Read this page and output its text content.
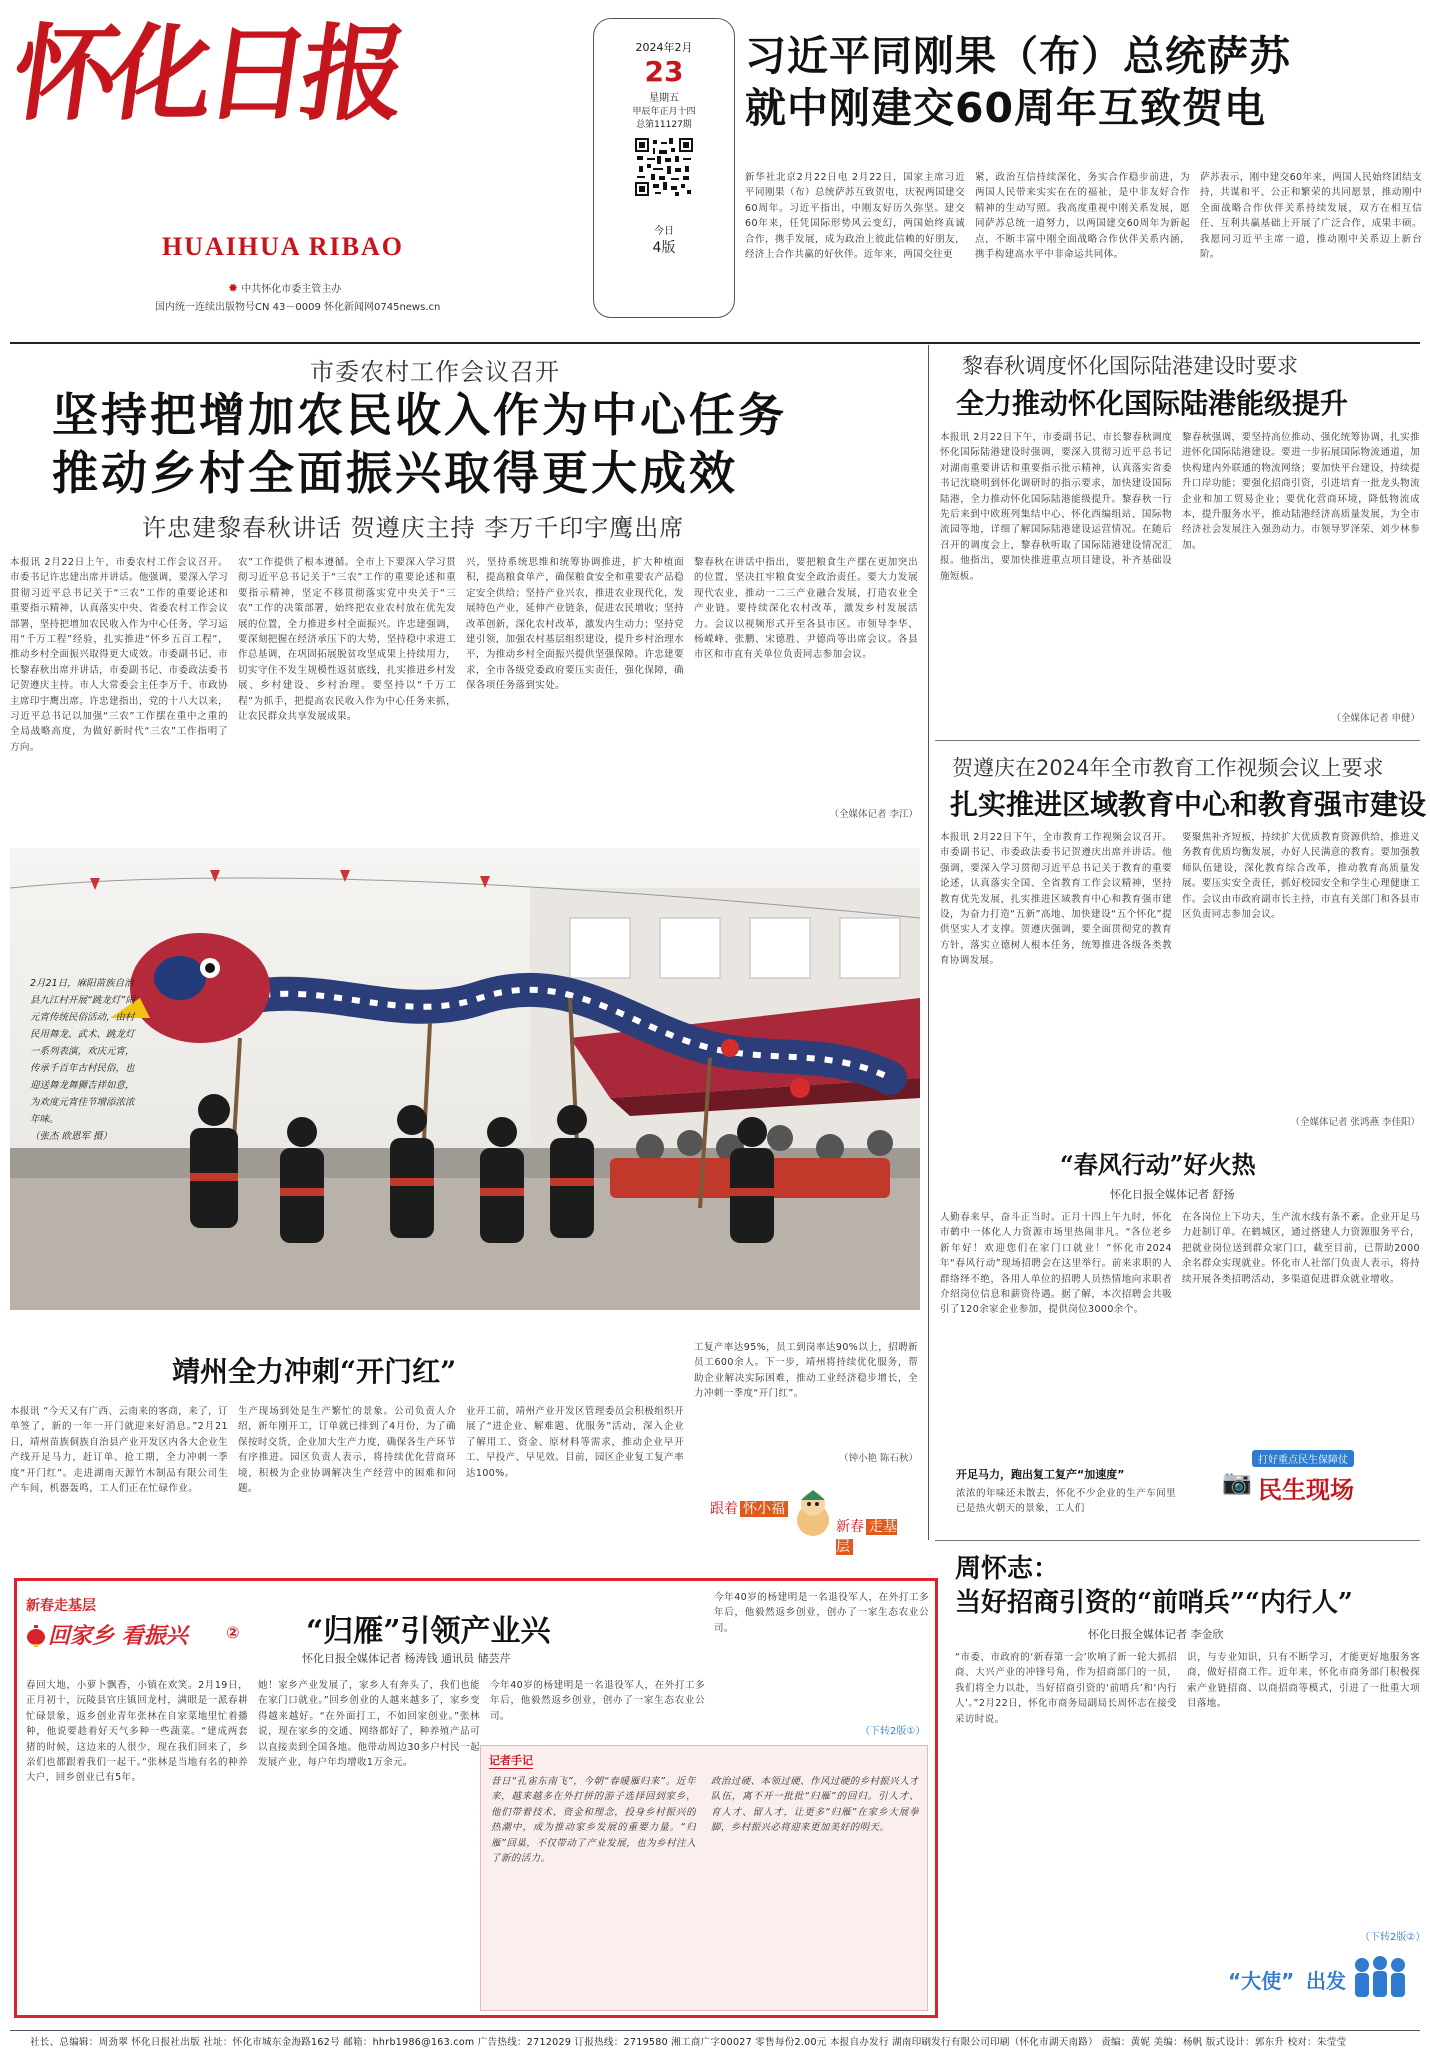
怀化日报
HUAIHUA RIBAO
✹ 中共怀化市委主管主办
国内统一连续出版物号CN 43－0009 怀化新闻网0745news.cn
2024年2月
23
星期五
甲辰年正月十四
总第11127期
今日
4版
习近平同刚果（布）总统萨苏
就中刚建交60周年互致贺电
新华社北京2月22日电 2月22日，国家主席习近平同刚果（布）总统萨苏互致贺电，庆祝两国建交60周年。习近平指出，中刚友好历久弥坚。建交60年来，任凭国际形势风云变幻，两国始终真诚合作，携手发展，成为政治上彼此信赖的好朋友，经济上合作共赢的好伙伴。近年来，两国交往更
紧，政治互信持续深化，务实合作稳步前进，为两国人民带来实实在在的福祉，是中非友好合作精神的生动写照。我高度重视中刚关系发展，愿同萨苏总统一道努力，以两国建交60周年为新起点，不断丰富中刚全面战略合作伙伴关系内涵，携手构建高水平中非命运共同体。
萨苏表示，刚中建交60年来，两国人民始终团结支持，共谋和平、公正和繁荣的共同愿景，推动刚中全面战略合作伙伴关系持续发展，双方在相互信任、互利共赢基础上开展了广泛合作，成果丰硕。我愿同习近平主席一道，推动刚中关系迈上新台阶。
市委农村工作会议召开
坚持把增加农民收入作为中心任务
推动乡村全面振兴取得更大成效
许忠建黎春秋讲话 贺遵庆主持 李万千印宇鹰出席
本报讯 2月22日上午，市委农村工作会议召开。市委书记许忠建出席并讲话。他强调，要深入学习贯彻习近平总书记关于“三农”工作的重要论述和重要指示精神，认真落实中央、省委农村工作会议部署，坚持把增加农民收入作为中心任务，学习运用“千万工程”经验，扎实推进“怀乡五百工程”，推动乡村全面振兴取得更大成效。市委副书记、市长黎春秋出席并讲话，市委副书记、市委政法委书记贺遵庆主持。市人大常委会主任李万千、市政协主席印宇鹰出席。许忠建指出，党的十八大以来，习近平总书记以加强“三农”工作摆在重中之重的全局战略高度，为做好新时代“三农”工作指明了方向。
农”工作提供了根本遵循。全市上下要深入学习贯彻习近平总书记关于“三农”工作的重要论述和重要指示精神，坚定不移贯彻落实党中央关于“三农”工作的决策部署，始终把农业农村放在优先发展的位置，全力推进乡村全面振兴。许忠建强调，要深刻把握在经济承压下的大势，坚持稳中求进工作总基调，在巩固拓展脱贫攻坚成果上持续用力，切实守住不发生规模性返贫底线，扎实推进乡村发展、乡村建设、乡村治理。要坚持以“千万工程”为抓手，把提高农民收入作为中心任务来抓，让农民群众共享发展成果。
兴，坚持系统思维和统筹协调推进，扩大种植面积，提高粮食单产，确保粮食安全和重要农产品稳定安全供给；坚持产业兴农，推进农业现代化，发展特色产业，延伸产业链条，促进农民增收；坚持改革创新，深化农村改革，激发内生动力；坚持党建引领，加强农村基层组织建设，提升乡村治理水平，为推动乡村全面振兴提供坚强保障。许忠建要求，全市各级党委政府要压实责任，强化保障，确保各项任务落到实处。
黎春秋在讲话中指出，要把粮食生产摆在更加突出的位置，坚决扛牢粮食安全政治责任。要大力发展现代农业，推动一二三产业融合发展，打造农业全产业链。要持续深化农村改革，激发乡村发展活力。会议以视频形式开至各县市区。市领导李华、杨嵘峰、张鹏、宋德胜、尹德尚等出席会议。各县市区和市直有关单位负责同志参加会议。
（全媒体记者 李江）
黎春秋调度怀化国际陆港建设时要求
全力推动怀化国际陆港能级提升
本报讯 2月22日下午，市委副书记、市长黎春秋调度怀化国际陆港建设时强调，要深入贯彻习近平总书记对湖南重要讲话和重要指示批示精神，认真落实省委书记沈晓明到怀化调研时的指示要求，加快建设国际陆港，全力推动怀化国际陆港能级提升。黎春秋一行先后来到中欧班列集结中心、怀化西编组站、国际物流园等地，详细了解国际陆港建设运营情况。在随后召开的调度会上，黎春秋听取了国际陆港建设情况汇报。他指出，要加快推进重点项目建设，补齐基础设施短板。
黎春秋强调，要坚持高位推动、强化统筹协调，扎实推进怀化国际陆港建设。要进一步拓展国际物流通道，加快构建内外联通的物流网络；要加快平台建设，持续提升口岸功能；要强化招商引资，引进培育一批龙头物流企业和加工贸易企业；要优化营商环境，降低物流成本，提升服务水平，推动陆港经济高质量发展，为全市经济社会发展注入强劲动力。市领导罗泽荣、刘少林参加。
（全媒体记者 申健）
贺遵庆在2024年全市教育工作视频会议上要求
扎实推进区域教育中心和教育强市建设
本报讯 2月22日下午，全市教育工作视频会议召开。市委副书记、市委政法委书记贺遵庆出席并讲话。他强调，要深入学习贯彻习近平总书记关于教育的重要论述，认真落实全国、全省教育工作会议精神，坚持教育优先发展，扎实推进区域教育中心和教育强市建设，为奋力打造“五新”高地、加快建设“五个怀化”提供坚实人才支撑。贺遵庆强调，要全面贯彻党的教育方针，落实立德树人根本任务，统筹推进各级各类教育协调发展。
要聚焦补齐短板，持续扩大优质教育资源供给，推进义务教育优质均衡发展，办好人民满意的教育。要加强教师队伍建设，深化教育综合改革，推动教育高质量发展。要压实安全责任，抓好校园安全和学生心理健康工作。会议由市政府副市长主持，市直有关部门和各县市区负责同志参加会议。
（全媒体记者 张鸿燕 李佳阳）
2月21日，麻阳苗族自治县九江村开展“跳龙灯”闹元宵传统民俗活动，由村民用舞龙、武术、跳龙灯一系列表演，欢庆元宵，传承千百年古村民俗，也迎送舞龙舞狮吉祥如意，为欢度元宵佳节增添浓浓年味。
（张杰 欧恩军 摄）
“春风行动”好火热
怀化日报全媒体记者 舒扬
人勤春来早，奋斗正当时。正月十四上午九时，怀化市鹤中一体化人力资源市场里热闹非凡。“各位老乡新年好！欢迎您们在家门口就业！”怀化市2024年“春风行动”现场招聘会在这里举行。前来求职的人群络绎不绝，各用人单位的招聘人员热情地向求职者介绍岗位信息和薪资待遇。据了解，本次招聘会共吸引了120余家企业参加，提供岗位3000余个。
在各岗位上下功夫，生产流水线有条不紊。企业开足马力赶制订单。在鹤城区，通过搭建人力资源服务平台，把就业岗位送到群众家门口，截至目前，已帮助2000余名群众实现就业。怀化市人社部门负责人表示，将持续开展各类招聘活动，多渠道促进群众就业增收。
开足马力，跑出复工复产“加速度”
浓浓的年味还未散去，怀化不少企业的生产车间里已是热火朝天的景象，工人们
打好重点民生保障仗
📷 民生现场
靖州全力冲刺“开门红”
本报讯 “今天又有广西、云南来的客商，来了，订单签了，新的一年一开门就迎来好消息。”2月21日，靖州苗族侗族自治县产业开发区内各大企业生产线开足马力，赶订单、抢工期，全力冲刺一季度“开门红”。走进湖南天源竹木制品有限公司生产车间，机器轰鸣，工人们正在忙碌作业。
生产现场到处是生产繁忙的景象。公司负责人介绍，新年刚开工，订单就已排到了4月份，为了确保按时交货，企业加大生产力度，确保各生产环节有序推进。园区负责人表示，将持续优化营商环境，积极为企业协调解决生产经营中的困难和问题。
业开工前，靖州产业开发区管理委员会积极组织开展了“进企业、解难题、优服务”活动，深入企业了解用工、资金、原材料等需求，推动企业早开工、早投产、早见效。目前，园区企业复工复产率达100%。
工复产率达95%，员工到岗率达90%以上，招聘新员工600余人。下一步，靖州将持续优化服务，帮助企业解决实际困难，推动工业经济稳步增长，全力冲刺一季度“开门红”。
（钟小艳 陈石秋）
跟着 怀小福
新春 走基层
周怀志：
当好招商引资的“前哨兵”“内行人”
怀化日报全媒体记者 李金欣
“市委、市政府的‘新春第一会’吹响了新一轮大抓招商、大兴产业的冲锋号角，作为招商部门的一员，我们将全力以赴，当好招商引资的‘前哨兵’和‘内行人’。”2月22日，怀化市商务局副局长周怀志在接受采访时说。
识，与专业知识，只有不断学习，才能更好地服务客商，做好招商工作。近年来，怀化市商务部门积极探索产业链招商、以商招商等模式，引进了一批重大项目落地。
（下转2版②）
“大使” 出发
新春走基层
回家乡 看振兴 ② “归雁”引领产业兴
怀化日报全媒体记者 杨涛钱 通讯员 储芸芹
春回大地，小萝卜飘香，小镇在欢笑。2月19日，正月初十，沅陵县官庄镇回龙村，满眼是一派春耕忙碌景象，返乡创业青年张林在自家菜地里忙着播种，他说要趁着好天气多种一些蔬菜。“建成两套猪的时候，这边来的人很少，现在我们回来了，乡亲们也都跟着我们一起干。”张林是当地有名的种养大户，回乡创业已有5年。
她！家乡产业发展了，家乡人有奔头了，我们也能在家门口就业。”回乡创业的人越来越多了，家乡变得越来越好。“在外面打工，不如回家创业。”张林说，现在家乡的交通、网络都好了，种养殖产品可以直接卖到全国各地。他带动周边30多户村民一起发展产业，每户年均增收1万余元。
今年40岁的杨建明是一名退役军人，在外打工多年后，他毅然返乡创业，创办了一家生态农业公司。
今年40岁的杨建明是一名退役军人，在外打工多年后，他毅然返乡创业，创办了一家生态农业公司。
（下转2版①）
记者手记
昔日“孔雀东南飞”，今朝“春暖雁归来”。近年来，越来越多在外打拼的游子选择回到家乡，他们带着技术、资金和理念，投身乡村振兴的热潮中，成为推动家乡发展的重要力量。“归雁”回巢，不仅带动了产业发展，也为乡村注入了新的活力。
政治过硬、本领过硬、作风过硬的乡村振兴人才队伍，离不开一批批“归雁”的回归。引人才、育人才、留人才，让更多“归雁”在家乡大展拳脚，乡村振兴必将迎来更加美好的明天。
社长、总编辑：周劲翠 怀化日报社出版 社址：怀化市城东金海路162号 邮箱：hhrb1986@163.com 广告热线：2712029 订报热线：2719580 湘工商广字00027 零售每份2.00元 本报自办发行 湖南印刷发行有限公司印刷（怀化市湖天南路） 责编：黄妮 美编：杨帆 版式设计：郭东升 校对：朱莹莹
